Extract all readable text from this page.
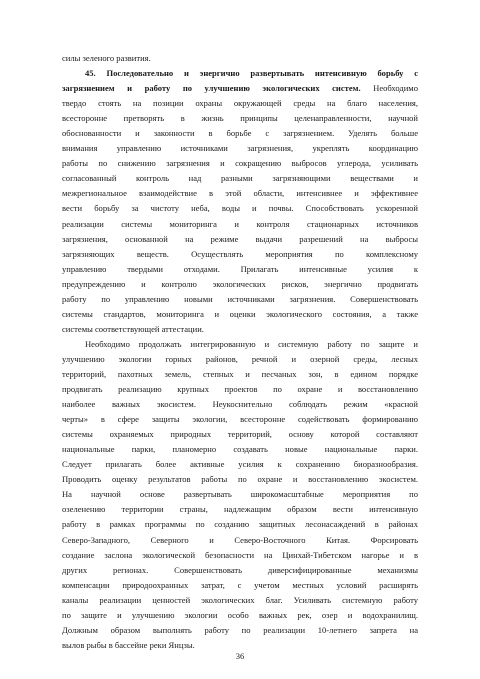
силы зеленого развития.

45. Последовательно и энергично развертывать интенсивную борьбу с

загрязнением и работу по улучшению экологических систем. Необходимо

твердо стоять на позиции охраны окружающей среды на благо населения,

всесторонне претворять в жизнь принципы целенаправленности, научной

обоснованности и законности в борьбе с загрязнением. Уделять больше

внимания управлению источниками загрязнения, укреплять координацию

работы по снижению загрязнения и сокращению выбросов углерода, усиливать

согласованный контроль над разными загрязняющими веществами и

межрегиональное взаимодействие в этой области, интенсивнее и эффективнее

вести борьбу за чистоту неба, воды и почвы. Способствовать ускоренной

реализации системы мониторинга и контроля стационарных источников

загрязнения, основанной на режиме выдачи разрешений на выбросы

загрязняющих веществ. Осуществлять мероприятия по комплексному

управлению твердыми отходами. Прилагать интенсивные усилия к

предупреждению и контролю экологических рисков, энергично продвигать

работу по управлению новыми источниками загрязнения. Совершенствовать

системы стандартов, мониторинга и оценки экологического состояния, а также

системы соответствующей аттестации.

Необходимо продолжать интегрированную и системную работу по защите и

улучшению экологии горных районов, речной и озерной среды, лесных

территорий, пахотных земель, степных и песчаных зон, в едином порядке

продвигать реализацию крупных проектов по охране и восстановлению

наиболее важных экосистем. Неукоснительно соблюдать режим «красной

черты» в сфере защиты экологии, всесторонне содействовать формированию

системы охраняемых природных территорий, основу которой составляют

национальные парки, планомерно создавать новые национальные парки.

Следует прилагать более активные усилия к сохранению биоразнообразия.

Проводить оценку результатов работы по охране и восстановлению экосистем.

На научной основе развертывать широкомасштабные мероприятия по

озеленению территории страны, надлежащим образом вести интенсивную

работу в рамках программы по созданию защитных лесонасаждений в районах

Северо-Западного, Северного и Северо-Восточного Китая. Форсировать

создание заслона экологической безопасности на Цинхай-Тибетском нагорье и в

других регионах. Совершенствовать диверсифицированные механизмы

компенсации природоохранных затрат, с учетом местных условий расширять

каналы реализации ценностей экологических благ. Усиливать системную работу

по защите и улучшению экологии особо важных рек, озер и водохранилищ.

Должным образом выполнять работу по реализации 10-летнего запрета на

вылов рыбы в бассейне реки Янцзы.

36
